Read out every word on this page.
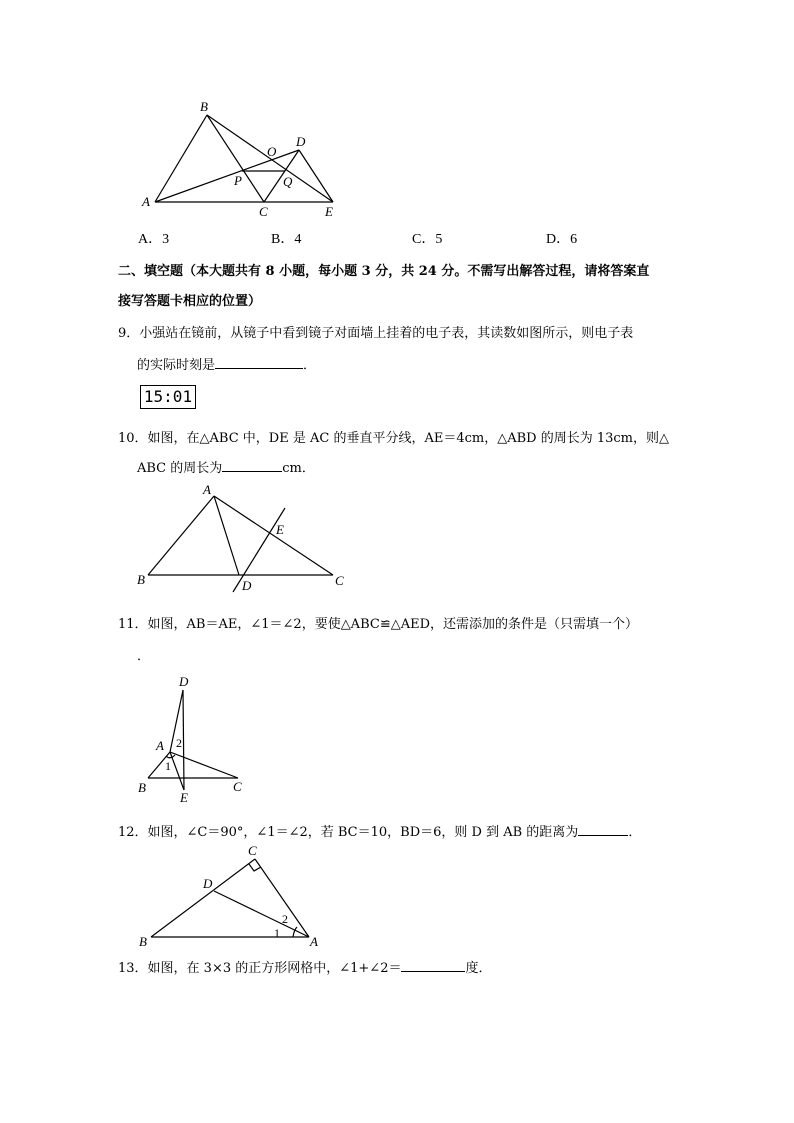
B
D
O
P	Q
A
C	E
A．3	B．4	C．5	D．6
二、填空题（本大题共有 8 小题，每小题 3 分，共 24 分。不需写出解答过程，请将答案直
接写答题卡相应的位置）
9．小强站在镜前，从镜子中看到镜子对面墙上挂着的电子表，其读数如图所示，则电子表
的实际时刻是	．
15:01
10．如图，在△ABC 中，DE 是 AC 的垂直平分线，AE＝4cm，△ABD 的周长为 13cm，则△
ABC 的周长为	cm．
A
E
B	D	C
11．如图，AB＝AE，∠1＝∠2，要使△ABC≌△AED，还需添加的条件是（只需填一个）
．
D
A 2
1
B
E
C
12．如图，∠C＝90°，∠1＝∠2，若 BC＝10，BD＝6，则 D 到 AB 的距离为	．
C
D
2
1
B	A
13．如图，在 3×3 的正方形网格中，∠1+∠2＝	度．
